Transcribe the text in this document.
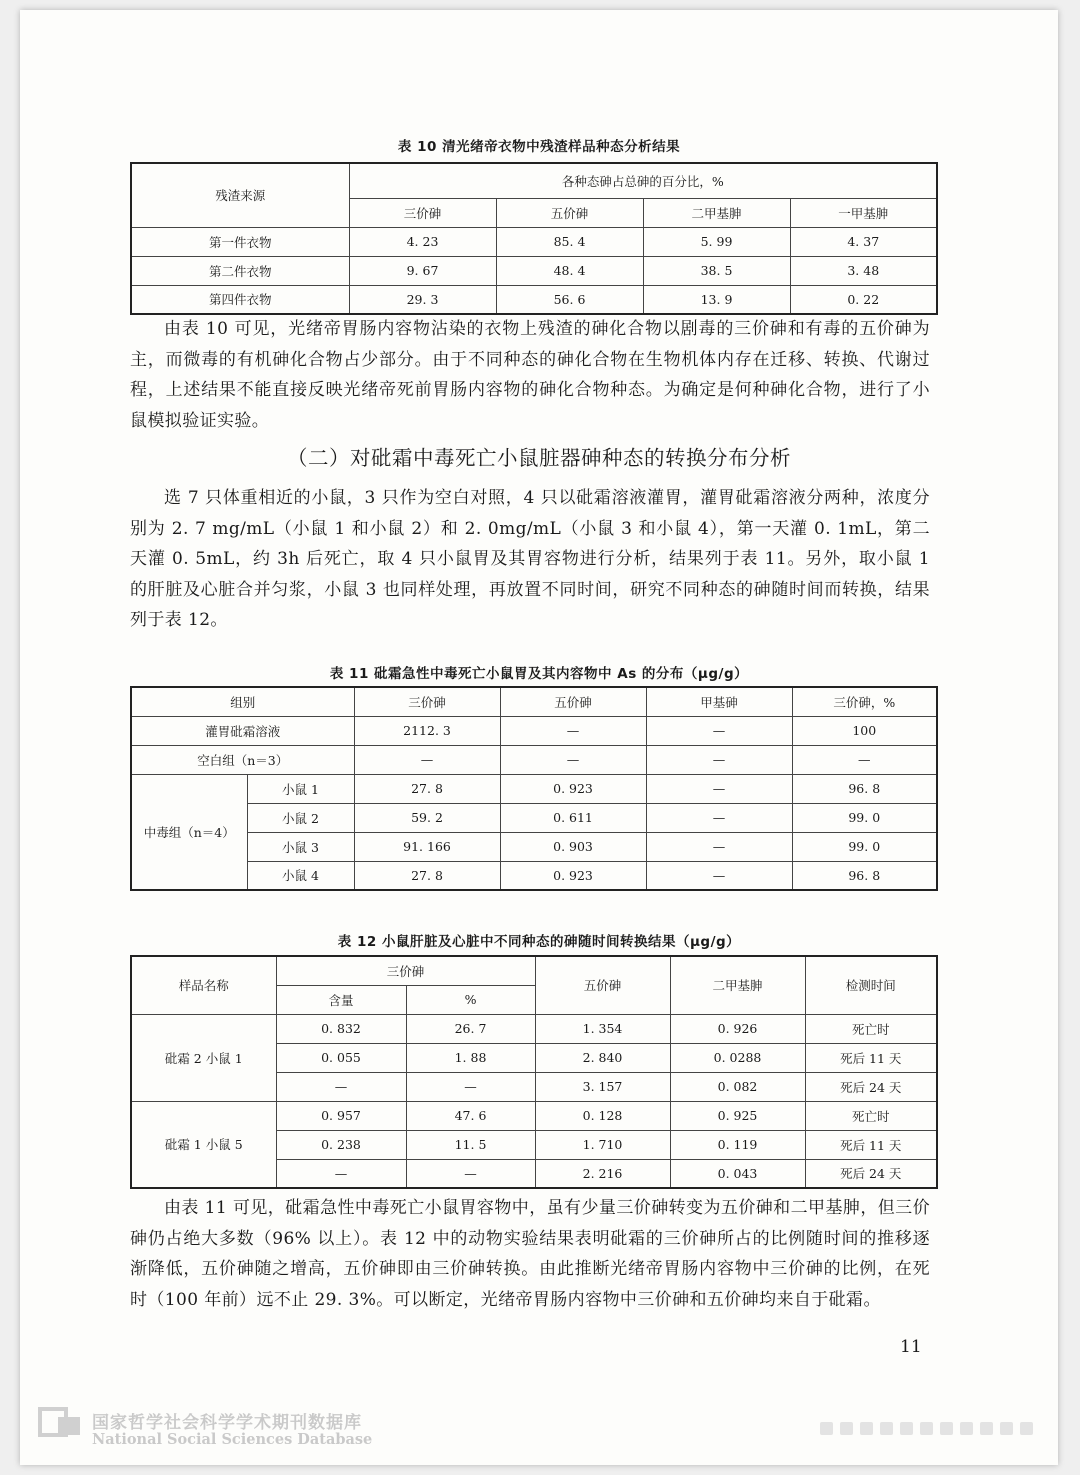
表 10 清光绪帝衣物中残渣样品种态分析结果
残渣来源	各种态砷占总砷的百分比，%			
	三价砷	五价砷	二甲基胂	一甲基胂
第一件衣物	4. 23	85. 4	5. 99	4. 37
第二件衣物	9. 67	48. 4	38. 5	3. 48
第四件衣物	29. 3	56. 6	13. 9	0. 22

由表 10 可见，光绪帝胃肠内容物沾染的衣物上残渣的砷化合物以剧毒的三价砷和有毒的五价砷为主，而微毒的有机砷化合物占少部分。由于不同种态的砷化合物在生物机体内存在迁移、转换、代谢过程，上述结果不能直接反映光绪帝死前胃肠内容物的砷化合物种态。为确定是何种砷化合物，进行了小鼠模拟验证实验。

（二）对砒霜中毒死亡小鼠脏器砷种态的转换分布分析

选 7 只体重相近的小鼠，3 只作为空白对照，4 只以砒霜溶液灌胃，灌胃砒霜溶液分两种，浓度分别为 2. 7 mg/mL（小鼠 1 和小鼠 2）和 2. 0mg/mL（小鼠 3 和小鼠 4），第一天灌 0. 1mL，第二天灌 0. 5mL，约 3h 后死亡，取 4 只小鼠胃及其胃容物进行分析，结果列于表 11。另外，取小鼠 1 的肝脏及心脏合并匀浆，小鼠 3 也同样处理，再放置不同时间，研究不同种态的砷随时间而转换，结果列于表 12。

表 11 砒霜急性中毒死亡小鼠胃及其内容物中 As 的分布（μg/g）
组别		三价砷	五价砷	甲基砷	三价砷，%
灌胃砒霜溶液		2112. 3	—	—	100
空白组（n＝3）		—	—	—	—
中毒组（n＝4）	小鼠 1	27. 8	0. 923	—	96. 8
	小鼠 2	59. 2	0. 611	—	99. 0
	小鼠 3	91. 166	0. 903	—	99. 0
	小鼠 4	27. 8	0. 923	—	96. 8
表 12 小鼠肝脏及心脏中不同种态的砷随时间转换结果（μg/g）
样品名称	三价砷		五价砷	二甲基胂	检测时间
	含量	%			
砒霜 2 小鼠 1	0. 832	26. 7	1. 354	0. 926	死亡时
	0. 055	1. 88	2. 840	0. 0288	死后 11 天
	—	—	3. 157	0. 082	死后 24 天
砒霜 1 小鼠 5	0. 957	47. 6	0. 128	0. 925	死亡时
	0. 238	11. 5	1. 710	0. 119	死后 11 天
	—	—	2. 216	0. 043	死后 24 天

由表 11 可见，砒霜急性中毒死亡小鼠胃容物中，虽有少量三价砷转变为五价砷和二甲基胂，但三价砷仍占绝大多数（96% 以上）。表 12 中的动物实验结果表明砒霜的三价砷所占的比例随时间的推移逐渐降低，五价砷随之增高，五价砷即由三价砷转换。由此推断光绪帝胃肠内容物中三价砷的比例，在死时（100 年前）远不止 29. 3%。可以断定，光绪帝胃肠内容物中三价砷和五价砷均来自于砒霜。

11
国家哲学社会科学学术期刊数据库
National Social Sciences Database
